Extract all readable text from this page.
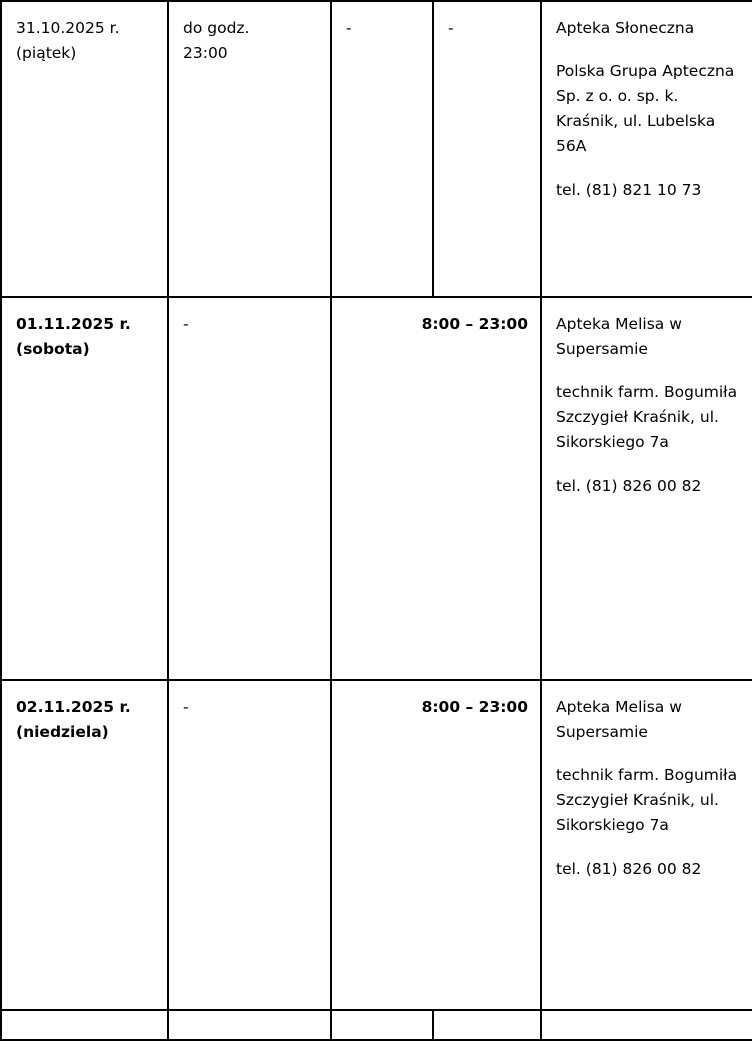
31.10.2025 r.
(piątek)

do godz.
23:00
	-	-	Apteka Słoneczna

Polska Grupa Apteczna Sp. z o. o. sp. k. Kraśnik, ul. Lubelska 56A

tel. (81) 821 10 73

01.11.2025 r.
(sobota)
	-	8:00 – 23:00	Apteka Melisa w Supersamie

technik farm. Bogumiła Szczygieł Kraśnik, ul. Sikorskiego 7a

tel. (81) 826 00 82

02.11.2025 r.
(niedziela)
	-	8:00 – 23:00	Apteka Melisa w Supersamie

technik farm. Bogumiła Szczygieł Kraśnik, ul. Sikorskiego 7a

tel. (81) 826 00 82
